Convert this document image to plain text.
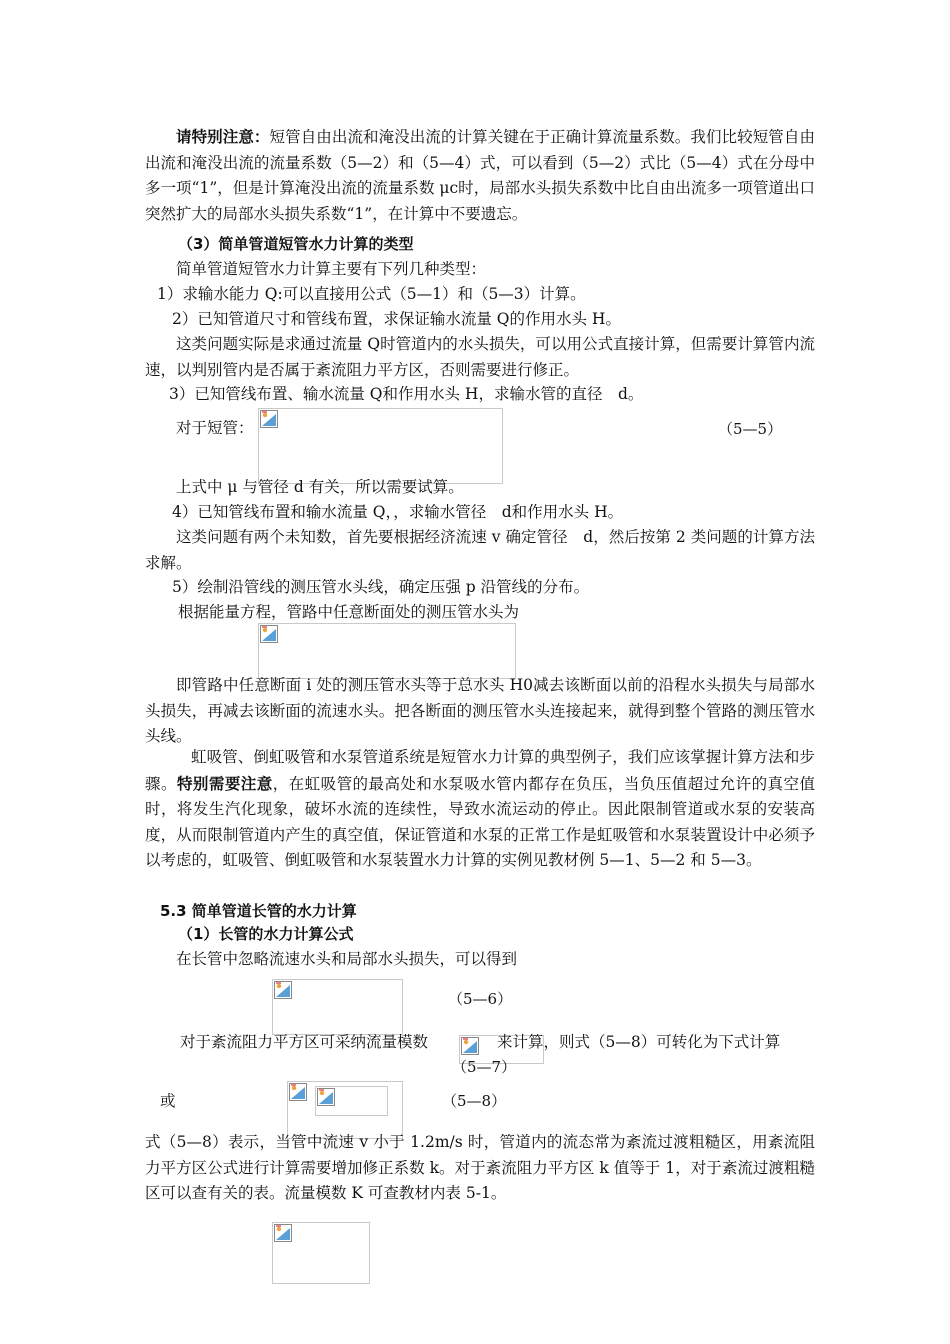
请特别注意：短管自由出流和淹没出流的计算关键在于正确计算流量系数。我们比较短管自由出流和淹没出流的流量系数（5—2）和（5—4）式，可以看到（5—2）式比（5—4）式在分母中多一项“1”，但是计算淹没出流的流量系数 μc时，局部水头损失系数中比自由出流多一项管道出口突然扩大的局部水头损失系数“1”，在计算中不要遗忘。

（3）简单管道短管水力计算的类型
简单管道短管水力计算主要有下列几种类型：
1）求输水能力 Q:可以直接用公式（5—1）和（5—3）计算。
2）已知管道尺寸和管线布置，求保证输水流量 Q的作用水头 H。

这类问题实际是求通过流量 Q时管道内的水头损失，可以用公式直接计算，但需要计算管内流速，以判别管内是否属于紊流阻力平方区，否则需要进行修正。

3）已知管线布置、输水流量 Q和作用水头 H，求输水管的直径　d。
对于短管：	（5—5）
上式中 μ 与管径 d 有关，所以需要试算。
4）已知管线布置和输水流量 Q，，求输水管径　d和作用水头 H。

这类问题有两个未知数，首先要根据经济流速 v 确定管径　d，然后按第 2 类问题的计算方法求解。

5）绘制沿管线的测压管水头线，确定压强 p 沿管线的分布。
根据能量方程，管路中任意断面处的测压管水头为

即管路中任意断面 i 处的测压管水头等于总水头 H0减去该断面以前的沿程水头损失与局部水头损失，再减去该断面的流速水头。把各断面的测压管水头连接起来，就得到整个管路的测压管水头线。

虹吸管、倒虹吸管和水泵管道系统是短管水力计算的典型例子，我们应该掌握计算方法和步骤。特别需要注意，在虹吸管的最高处和水泵吸水管内都存在负压，当负压值超过允许的真空值时，将发生汽化现象，破坏水流的连续性，导致水流运动的停止。因此限制管道或水泵的安装高度，从而限制管道内产生的真空值，保证管道和水泵的正常工作是虹吸管和水泵装置设计中必须予以考虑的，虹吸管、倒虹吸管和水泵装置水力计算的实例见教材例 5—1、5—2 和 5—3。

5.3 简单管道长管的水力计算
（1）长管的水力计算公式
在长管中忽略流速水头和局部水头损失，可以得到
（5—6）
对于紊流阻力平方区可采纳流量模数	来计算，则式（5—8）可转化为下式计算
（5—7）
或	（5—8）

式（5—8）表示，当管中流速 v 小于 1.2m/s 时，管道内的流态常为紊流过渡粗糙区，用紊流阻力平方区公式进行计算需要增加修正系数 k。对于紊流阻力平方区 k 值等于 1，对于紊流过渡粗糙区可以查有关的表。流量模数 K 可查教材内表 5-1。
